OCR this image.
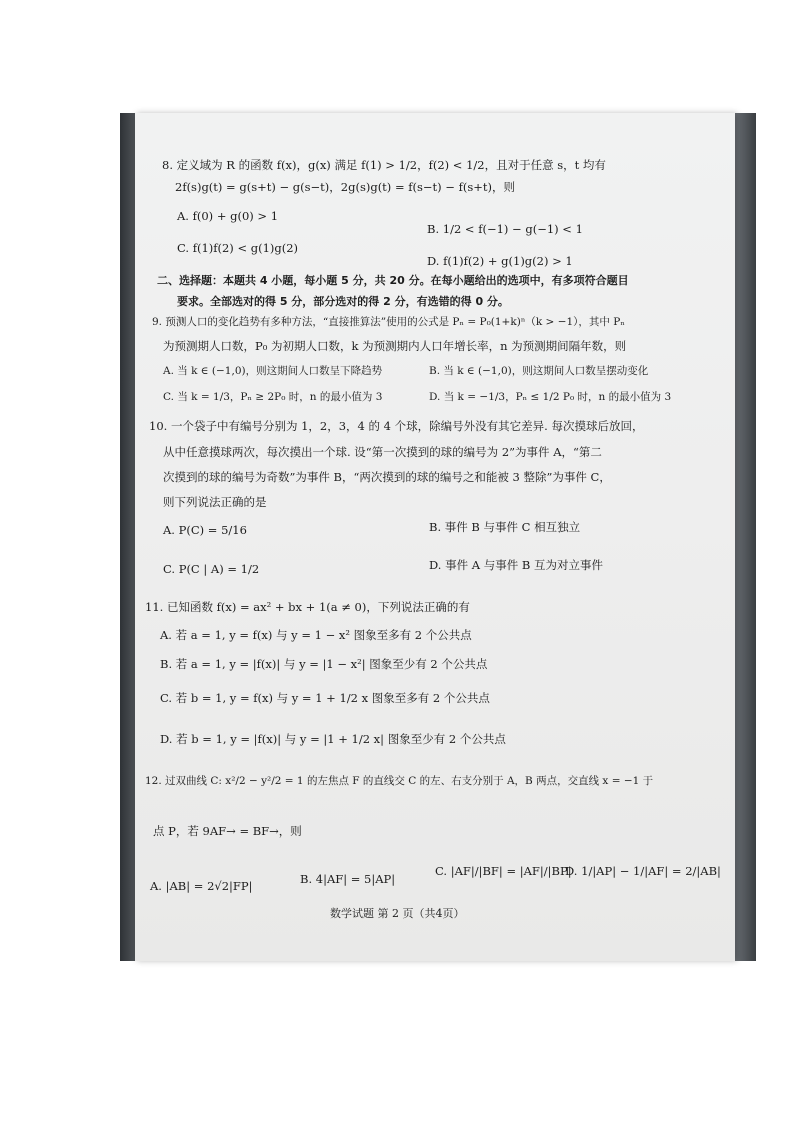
8. 定义域为 R 的函数 f(x)，g(x) 满足 f(1) > 1/2，f(2) < 1/2，且对于任意 s，t 均有
2f(s)g(t) = g(s+t) − g(s−t)，2g(s)g(t) = f(s−t) − f(s+t)，则
A. f(0) + g(0) > 1
B. 1/2 < f(−1) − g(−1) < 1
C. f(1)f(2) < g(1)g(2)
D. f(1)f(2) + g(1)g(2) > 1
二、选择题：本题共 4 小题，每小题 5 分，共 20 分。在每小题给出的选项中，有多项符合题目
要求。全部选对的得 5 分，部分选对的得 2 分，有选错的得 0 分。
9. 预测人口的变化趋势有多种方法，“直接推算法”使用的公式是 Pₙ = P₀(1+k)ⁿ（k > −1），其中 Pₙ
为预测期人口数，P₀ 为初期人口数，k 为预测期内人口年增长率，n 为预测期间隔年数，则
A. 当 k ∈ (−1,0)，则这期间人口数呈下降趋势	B. 当 k ∈ (−1,0)，则这期间人口数呈摆动变化
C. 当 k = 1/3，Pₙ ≥ 2P₀ 时，n 的最小值为 3	D. 当 k = −1/3，Pₙ ≤ 1/2 P₀ 时，n 的最小值为 3
10. 一个袋子中有编号分别为 1，2，3，4 的 4 个球，除编号外没有其它差异. 每次摸球后放回，
从中任意摸球两次，每次摸出一个球. 设“第一次摸到的球的编号为 2”为事件 A，“第二
次摸到的球的编号为奇数”为事件 B，“两次摸到的球的编号之和能被 3 整除”为事件 C，
则下列说法正确的是
A. P(C) = 5/16	B. 事件 B 与事件 C 相互独立
C. P(C | A) = 1/2	D. 事件 A 与事件 B 互为对立事件
11. 已知函数 f(x) = ax² + bx + 1(a ≠ 0)，下列说法正确的有
A. 若 a = 1, y = f(x) 与 y = 1 − x² 图象至多有 2 个公共点
B. 若 a = 1, y = |f(x)| 与 y = |1 − x²| 图象至少有 2 个公共点
C. 若 b = 1, y = f(x) 与 y = 1 + 1/2 x 图象至多有 2 个公共点
D. 若 b = 1, y = |f(x)| 与 y = |1 + 1/2 x| 图象至少有 2 个公共点
12. 过双曲线 C: x²/2 − y²/2 = 1 的左焦点 F 的直线交 C 的左、右支分别于 A，B 两点，交直线 x = −1 于
点 P，若 9AF→ = BF→，则
A. |AB| = 2√2|FP|	B. 4|AF| = 5|AP|
C. |AF|/|BF| = |AF|/|BP|
D. 1/|AP| − 1/|AF| = 2/|AB|
数学试题 第 2 页（共4页）
